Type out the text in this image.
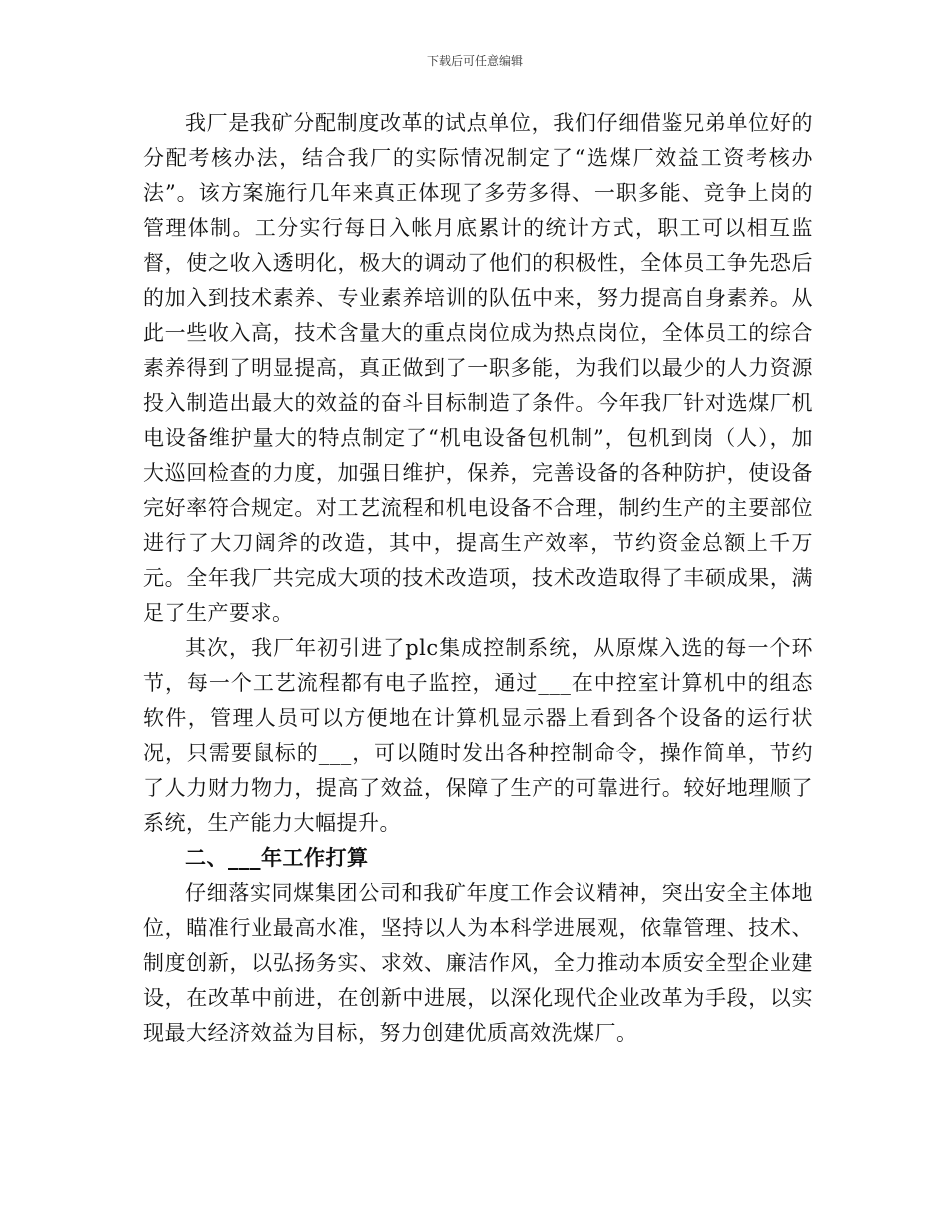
下载后可任意编辑

我厂是我矿分配制度改革的试点单位，我们仔细借鉴兄弟单位好的分配考核办法，结合我厂的实际情况制定了“选煤厂效益工资考核办法”。该方案施行几年来真正体现了多劳多得、一职多能、竞争上岗的管理体制。工分实行每日入帐月底累计的统计方式，职工可以相互监督，使之收入透明化，极大的调动了他们的积极性，全体员工争先恐后的加入到技术素养、专业素养培训的队伍中来，努力提高自身素养。从此一些收入高，技术含量大的重点岗位成为热点岗位，全体员工的综合素养得到了明显提高，真正做到了一职多能，为我们以最少的人力资源投入制造出最大的效益的奋斗目标制造了条件。今年我厂针对选煤厂机电设备维护量大的特点制定了“机电设备包机制”，包机到岗（人），加大巡回检查的力度，加强日维护，保养，完善设备的各种防护，使设备完好率符合规定。对工艺流程和机电设备不合理，制约生产的主要部位进行了大刀阔斧的改造，其中，提高生产效率，节约资金总额上千万元。全年我厂共完成大项的技术改造项，技术改造取得了丰硕成果，满足了生产要求。

其次，我厂年初引进了plc集成控制系统，从原煤入选的每一个环节，每一个工艺流程都有电子监控，通过___在中控室计算机中的组态软件，管理人员可以方便地在计算机显示器上看到各个设备的运行状况，只需要鼠标的___，可以随时发出各种控制命令，操作简单，节约了人力财力物力，提高了效益，保障了生产的可靠进行。较好地理顺了系统，生产能力大幅提升。

二、___年工作打算

仔细落实同煤集团公司和我矿年度工作会议精神，突出安全主体地位，瞄准行业最高水准，坚持以人为本科学进展观，依靠管理、技术、制度创新，以弘扬务实、求效、廉洁作风，全力推动本质安全型企业建设，在改革中前进，在创新中进展，以深化现代企业改革为手段，以实现最大经济效益为目标，努力创建优质高效洗煤厂。
